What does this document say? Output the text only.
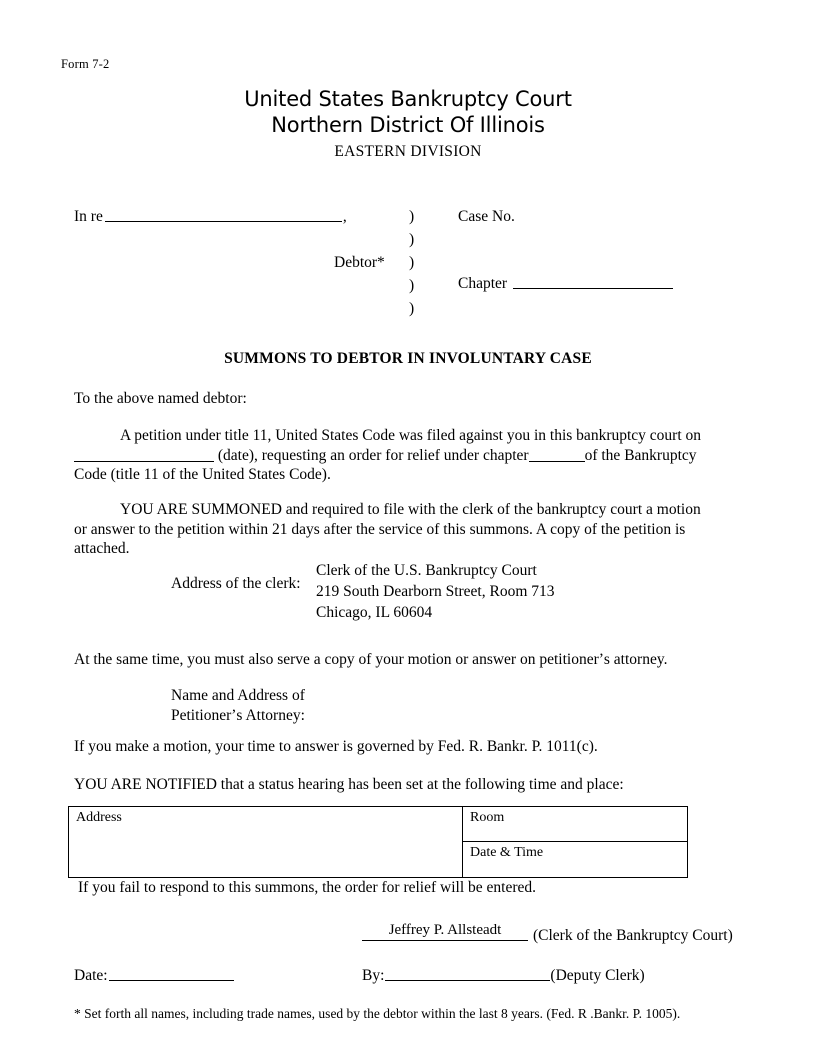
Form 7-2
United States Bankruptcy Court
Northern District Of Illinois
EASTERN DIVISION
In re	,
Debtor*
)
)
)
)
)
Case No.
Chapter
SUMMONS TO DEBTOR IN INVOLUNTARY CASE
To the above named debtor:
A petition under title 11, United States Code was filed against you in this bankruptcy court on
(date), requesting an order for relief under chapter	of the Bankruptcy
Code (title 11 of the United States Code).
YOU ARE SUMMONED and required to file with the clerk of the bankruptcy court a motion
or answer to the petition within 21 days after the service of this summons. A copy of the petition is
attached.
Address of the clerk:
Clerk of the U.S. Bankruptcy Court
219 South Dearborn Street, Room 713
Chicago, IL 60604
At the same time, you must also serve a copy of your motion or answer on petitionerʼs attorney.
Name and Address of
Petitionerʼs Attorney:
If you make a motion, your time to answer is governed by Fed. R. Bankr. P. 1011(c).
YOU ARE NOTIFIED that a status hearing has been set at the following time and place:
Address	Room
Date & Time
If you fail to respond to this summons, the order for relief will be entered.
Jeffrey P. Allsteadt	(Clerk of the Bankruptcy Court)
Date:	By:	(Deputy Clerk)
* Set forth all names, including trade names, used by the debtor within the last 8 years. (Fed. R .Bankr. P. 1005).
